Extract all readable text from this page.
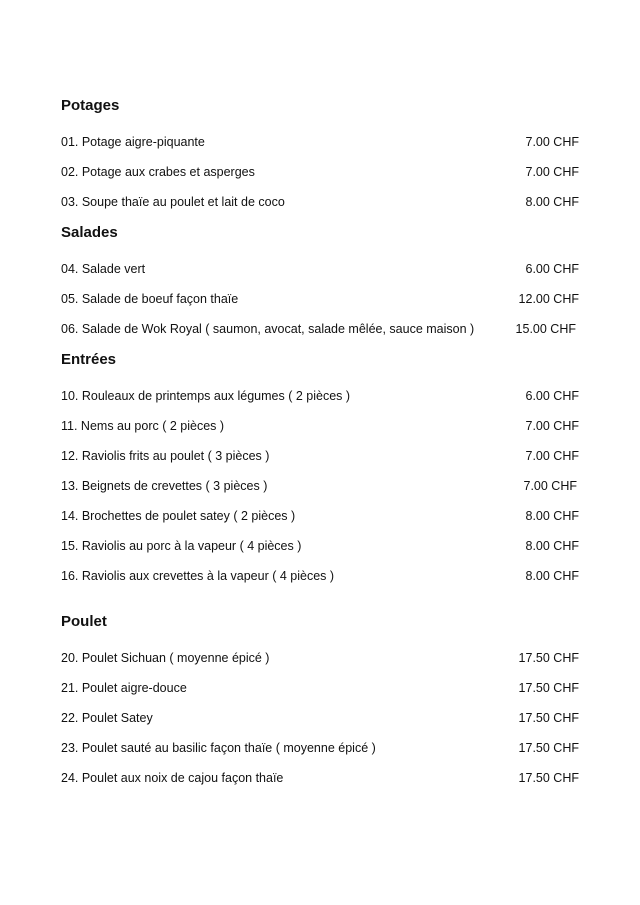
Potages
01. Potage aigre-piquante	7.00 CHF
02. Potage aux crabes et asperges	7.00 CHF
03. Soupe thaïe au poulet et lait de coco	8.00 CHF
Salades
04. Salade vert	6.00 CHF
05. Salade de boeuf façon thaïe	12.00 CHF
06. Salade de Wok Royal ( saumon, avocat, salade mêlée, sauce maison )	15.00 CHF
Entrées
10. Rouleaux de printemps aux légumes ( 2 pièces )	6.00 CHF
11. Nems au porc ( 2 pièces )	7.00 CHF
12. Raviolis frits au poulet ( 3 pièces )	7.00 CHF
13. Beignets de crevettes ( 3 pièces )	7.00 CHF
14. Brochettes de poulet satey ( 2 pièces )	8.00 CHF
15. Raviolis au porc à la vapeur ( 4 pièces )	8.00 CHF
16. Raviolis aux crevettes à la vapeur ( 4 pièces )	8.00 CHF
Poulet
20. Poulet Sichuan ( moyenne épicé )	17.50 CHF
21. Poulet aigre-douce	17.50 CHF
22. Poulet Satey	17.50 CHF
23. Poulet sauté au basilic façon thaïe ( moyenne épicé )	17.50 CHF
24. Poulet aux noix de cajou façon thaïe	17.50 CHF
